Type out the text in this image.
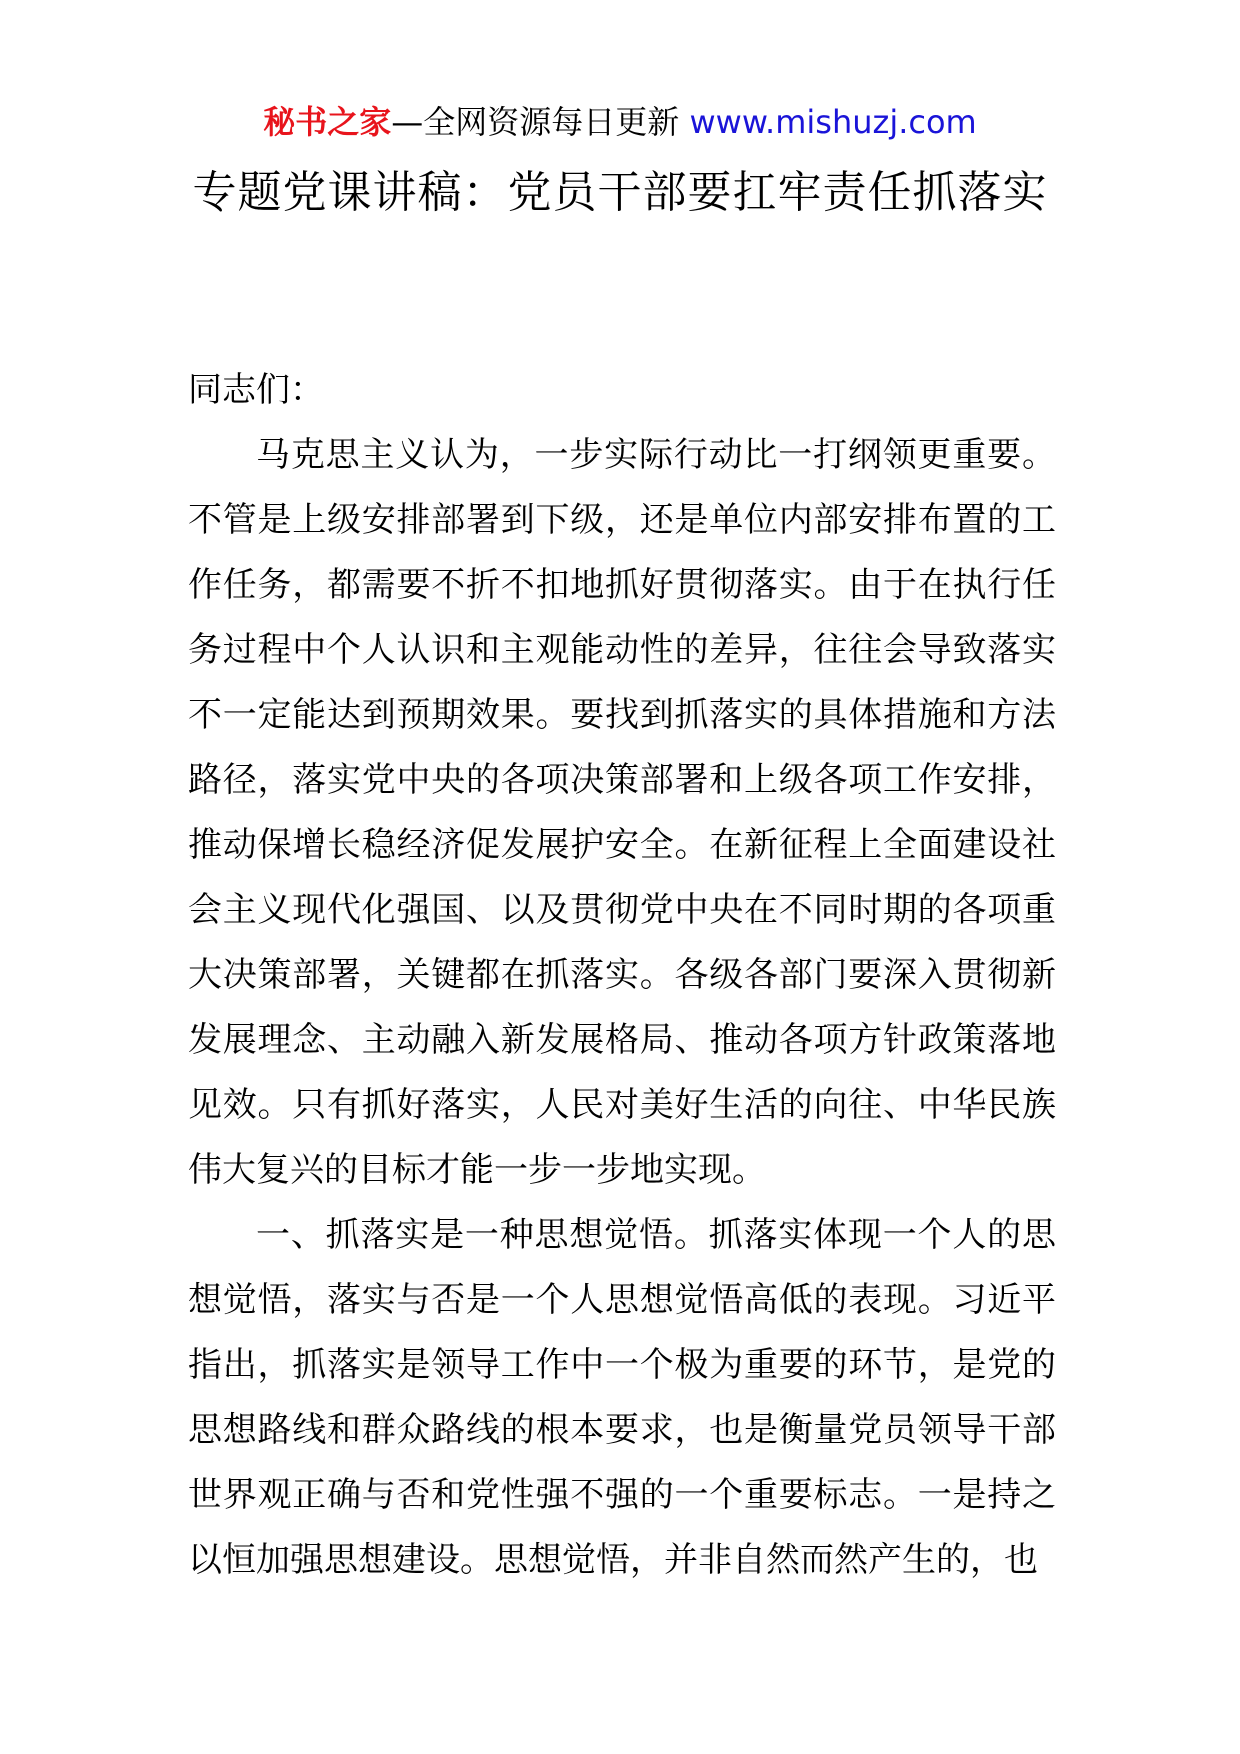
秘书之家—全网资源每日更新 www.mishuzj.com
专题党课讲稿：党员干部要扛牢责任抓落实

同志们：

马克思主义认为，一步实际行动比一打纲领更重要。不管是上级安排部署到下级，还是单位内部安排布置的工作任务，都需要不折不扣地抓好贯彻落实。由于在执行任务过程中个人认识和主观能动性的差异，往往会导致落实不一定能达到预期效果。要找到抓落实的具体措施和方法路径，落实党中央的各项决策部署和上级各项工作安排，推动保增长稳经济促发展护安全。在新征程上全面建设社会主义现代化强国、以及贯彻党中央在不同时期的各项重大决策部署，关键都在抓落实。各级各部门要深入贯彻新发展理念、主动融入新发展格局、推动各项方针政策落地见效。只有抓好落实，人民对美好生活的向往、中华民族伟大复兴的目标才能一步一步地实现。

一、抓落实是一种思想觉悟。抓落实体现一个人的思想觉悟，落实与否是一个人思想觉悟高低的表现。习近平指出，抓落实是领导工作中一个极为重要的环节，是党的思想路线和群众路线的根本要求，也是衡量党员领导干部世界观正确与否和党性强不强的一个重要标志。一是持之以恒加强思想建设。思想觉悟，并非自然而然产生的，也
